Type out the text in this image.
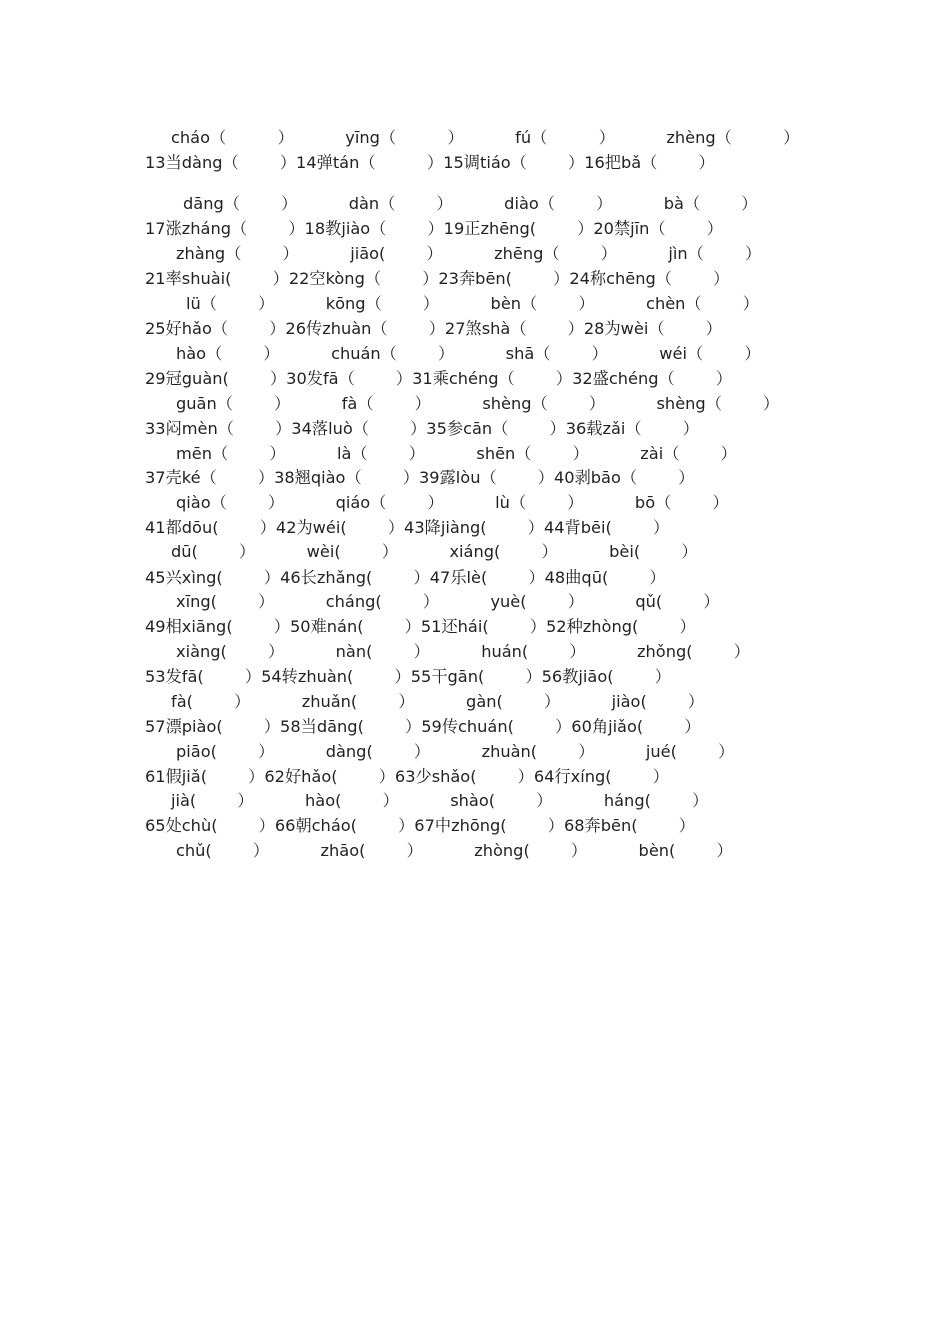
cháo（          ）          yīng（          ）          fú（          ）          zhèng（          ）
13当dàng（        ）14弹tán（          ）15调tiáo（        ）16把bǎ（        ）
dāng（        ）          dàn（        ）          diào（        ）          bà（        ）
17涨zháng（        ）18教jiào（        ）19正zhēng(        ）20禁jīn（        ）
zhàng（        ）          jiāo(        ）          zhēng（        ）          jìn（        ）
21率shuài(        ）22空kòng（        ）23奔bēn(        ）24称chēng（        ）
lü（        ）          kōng（        ）          bèn（        ）          chèn（        ）
25好hǎo（        ）26传zhuàn（        ）27煞shà（        ）28为wèi（        ）
hào（        ）          chuán（        ）          shā（        ）          wéi（        ）
29冠guàn(        ）30发fā（        ）31乘chéng（        ）32盛chéng（        ）
guān（        ）          fà（        ）          shèng（        ）          shèng（        ）
33闷mèn（        ）34落luò（        ）35参cān（        ）36载zǎi（        ）
mēn（        ）          là（        ）          shēn（        ）          zài（        ）
37壳ké（        ）38翘qiào（        ）39露lòu（        ）40剥bāo（        ）
qiào（        ）          qiáo（        ）          lù（        ）          bō（        ）
41都dōu(        ）42为wéi(        ）43降jiàng(        ）44背bēi(        ）
dū(        ）          wèi(        ）          xiáng(        ）          bèi(        ）
45兴xìng(        ）46长zhǎng(        ）47乐lè(        ）48曲qū(        ）
xīng(        ）          cháng(        ）          yuè(        ）          qǔ(        ）
49相xiāng(        ）50难nán(        ）51还hái(        ）52种zhòng(        ）
xiàng(        ）          nàn(        ）          huán(        ）          zhǒng(        ）
53发fā(        ）54转zhuàn(        ）55干gān(        ）56教jiāo(        ）
fà(        ）          zhuǎn(        ）          gàn(        ）          jiào(        ）
57漂piào(        ）58当dāng(        ）59传chuán(        ）60角jiǎo(        ）
piāo(        ）          dàng(        ）          zhuàn(        ）          jué(        ）
61假jiǎ(        ）62好hǎo(        ）63少shǎo(        ）64行xíng(        ）
jià(        ）          hào(        ）          shào(        ）          háng(        ）
65处chù(        ）66朝cháo(        ）67中zhōng(        ）68奔bēn(        ）
chǔ(        ）          zhāo(        ）          zhòng(        ）          bèn(        ）
